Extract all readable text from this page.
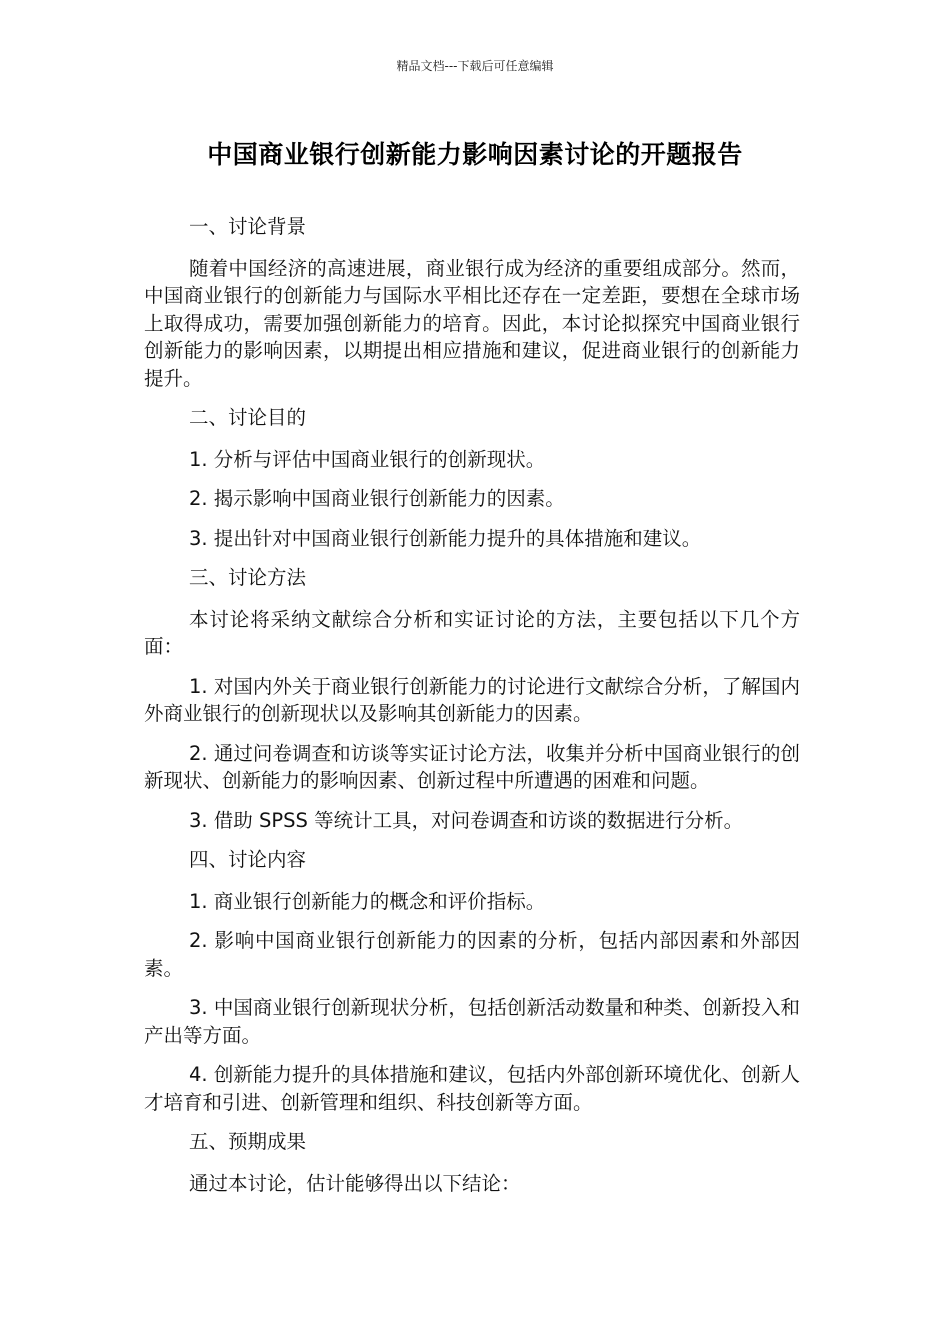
精品文档---下载后可任意编辑
中国商业银行创新能力影响因素讨论的开题报告

一、讨论背景

随着中国经济的高速进展，商业银行成为经济的重要组成部分。然而，中国商业银行的创新能力与国际水平相比还存在一定差距，要想在全球市场上取得成功，需要加强创新能力的培育。因此，本讨论拟探究中国商业银行创新能力的影响因素，以期提出相应措施和建议，促进商业银行的创新能力提升。

二、讨论目的

1. 分析与评估中国商业银行的创新现状。

2. 揭示影响中国商业银行创新能力的因素。

3. 提出针对中国商业银行创新能力提升的具体措施和建议。

三、讨论方法

本讨论将采纳文献综合分析和实证讨论的方法，主要包括以下几个方面：

1. 对国内外关于商业银行创新能力的讨论进行文献综合分析，了解国内外商业银行的创新现状以及影响其创新能力的因素。

2. 通过问卷调查和访谈等实证讨论方法，收集并分析中国商业银行的创新现状、创新能力的影响因素、创新过程中所遭遇的困难和问题。

3. 借助 SPSS 等统计工具，对问卷调查和访谈的数据进行分析。

四、讨论内容

1. 商业银行创新能力的概念和评价指标。

2. 影响中国商业银行创新能力的因素的分析，包括内部因素和外部因素。

3. 中国商业银行创新现状分析，包括创新活动数量和种类、创新投入和产出等方面。

4. 创新能力提升的具体措施和建议，包括内外部创新环境优化、创新人才培育和引进、创新管理和组织、科技创新等方面。

五、预期成果

通过本讨论，估计能够得出以下结论：
